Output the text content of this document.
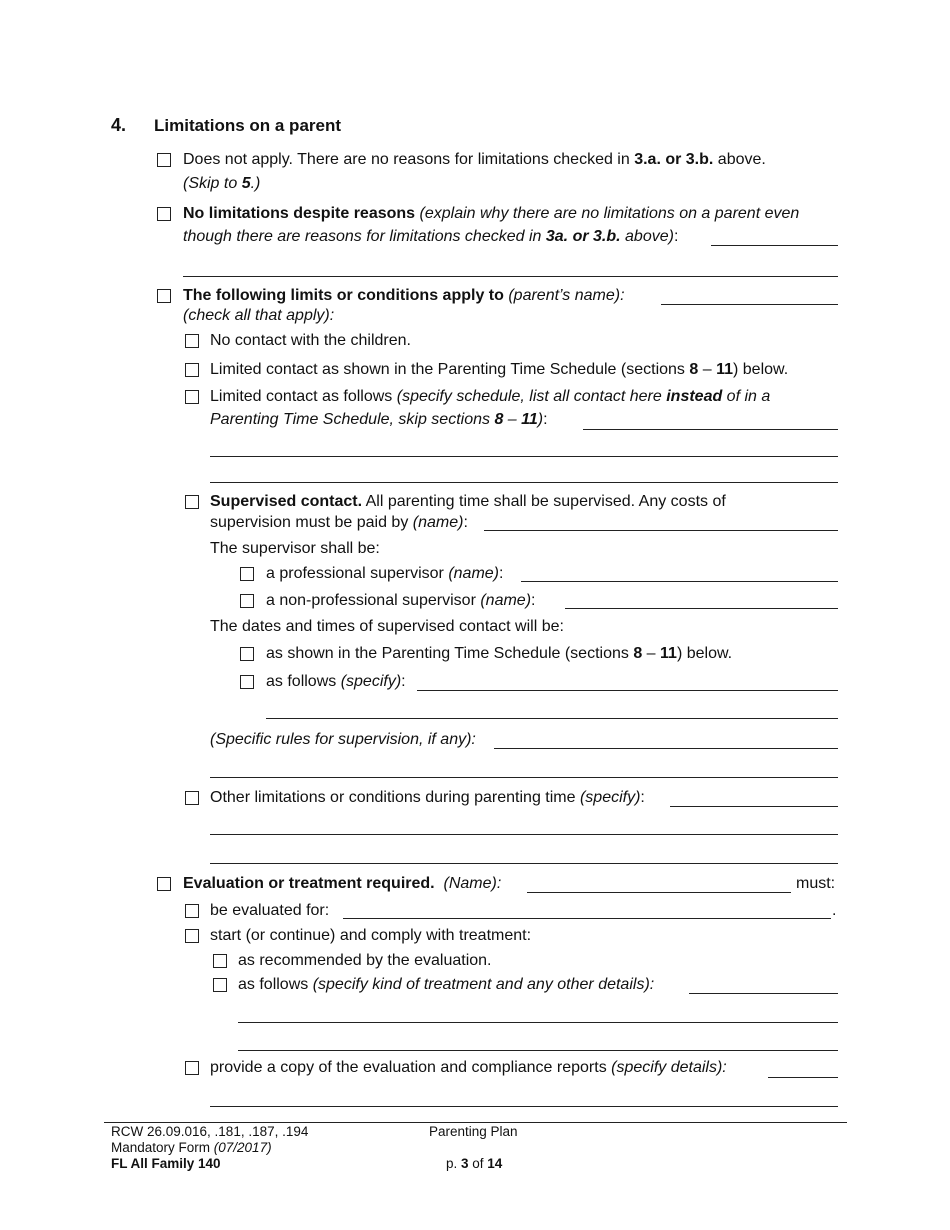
4. Limitations on a parent
Does not apply. There are no reasons for limitations checked in 3.a. or 3.b. above.
(Skip to 5.)
No limitations despite reasons (explain why there are no limitations on a parent even
though there are reasons for limitations checked in 3a. or 3.b. above):
The following limits or conditions apply to (parent’s name):
(check all that apply):
No contact with the children.
Limited contact as shown in the Parenting Time Schedule (sections 8 – 11) below.
Limited contact as follows (specify schedule, list all contact here instead of in a
Parenting Time Schedule, skip sections 8 – 11):
Supervised contact. All parenting time shall be supervised. Any costs of
supervision must be paid by (name):
The supervisor shall be:
a professional supervisor (name):
a non-professional supervisor (name):
The dates and times of supervised contact will be:
as shown in the Parenting Time Schedule (sections 8 – 11) below.
as follows (specify):
(Specific rules for supervision, if any):
Other limitations or conditions during parenting time (specify):
Evaluation or treatment required. (Name):	must:
be evaluated for:	.
start (or continue) and comply with treatment:
as recommended by the evaluation.
as follows (specify kind of treatment and any other details):
provide a copy of the evaluation and compliance reports (specify details):
RCW 26.09.016, .181, .187, .194
Mandatory Form (07/2017)
FL All Family 140
Parenting Plan
p. 3 of 14
